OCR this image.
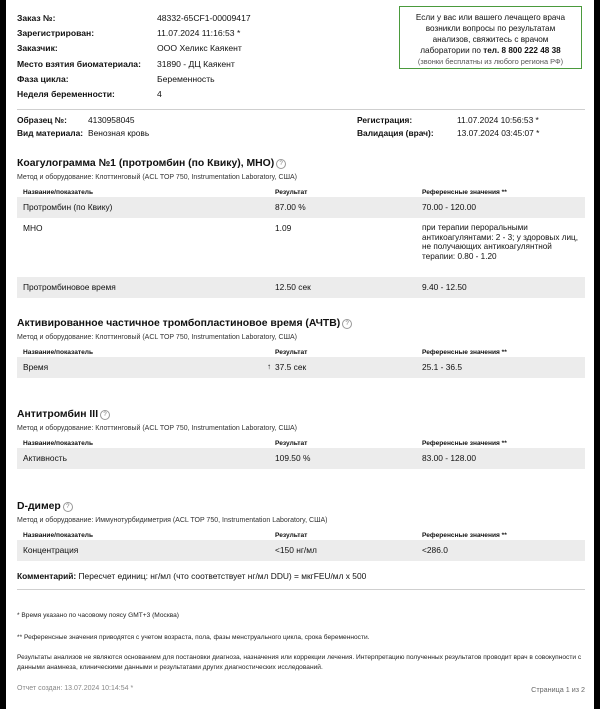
Заказ №:	48332-65CF1-00009417
Зарегистрирован:	11.07.2024 11:16:53 *
Заказчик:	ООО Хеликс Каякент
Место взятия биоматериала:	31890 - ДЦ Каякент
Фаза цикла:	Беременность
Неделя беременности:	4
Если у вас или вашего лечащего врача
возникли вопросы по результатам
анализов, свяжитесь с врачом
лаборатории по тел. 8 800 222 48 38
(звонки бесплатны из любого региона РФ)
Образец №:	4130958045	Регистрация:	11.07.2024 10:56:53 *
Вид материала: Венозная кровь	Валидация (врач):	13.07.2024 03:45:07 *
Коагулограмма №1 (протромбин (по Квику), МНО) ?
Метод и оборудование: Клоттинговый (ACL TOP 750, Instrumentation Laboratory, США)
Название/показатель	Результат	Референсные значения **
Протромбин (по Квику)	87.00 %	70.00 - 120.00
МНО	1.09	при терапии пероральными антикоагулянтами: 2 - 3; у здоровых лиц, не получающих антикоагулянтной терапии: 0.80 - 1.20
Протромбиновое время	12.50 сек	9.40 - 12.50
Активированное частичное тромбопластиновое время (АЧТВ) ?
Метод и оборудование: Клоттинговый (ACL TOP 750, Instrumentation Laboratory, США)
Название/показатель	Результат	Референсные значения **
Время	↑ 37.5 сек	25.1 - 36.5
Антитромбин III ?
Метод и оборудование: Клоттинговый (ACL TOP 750, Instrumentation Laboratory, США)
Название/показатель	Результат	Референсные значения **
Активность	109.50 %	83.00 - 128.00
D-димер ?
Метод и оборудование: Иммунотурбидиметрия (ACL TOP 750, Instrumentation Laboratory, США)
Название/показатель	Результат	Референсные значения **
Концентрация	<150 нг/мл	<286.0
Комментарий: Пересчет единиц: нг/мл (что соответствует нг/мл DDU) = мкгFEU/мл х 500
* Время указано по часовому поясу GMT+3 (Москва)
** Референсные значения приводятся с учетом возраста, пола, фазы менструального цикла, срока беременности.
Результаты анализов не являются основанием для постановки диагноза, назначения или коррекции лечения. Интерпретацию полученных результатов проводит врач в совокупности с данными анамнеза, клиническими данными и результатами других диагностических исследований.
Отчет создан: 13.07.2024 10:14:54 *	Страница 1 из 2
